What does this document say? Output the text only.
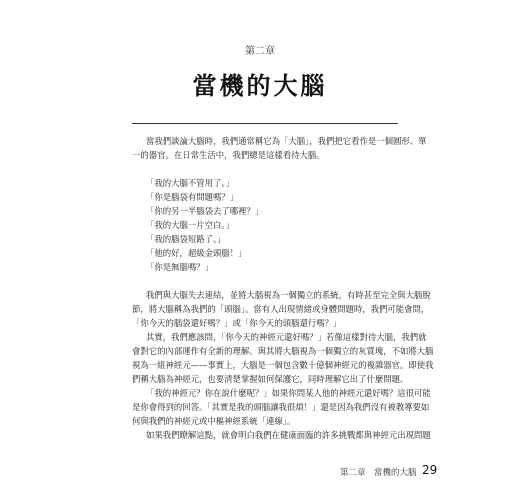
第二章
當機的大腦
當我們談論大腦時，我們通常稱它為「大腦」，我們把它看作是一個圓形、單
一的器官。在日常生活中，我們總是這樣看待大腦。
「我的大腦不管用了。」
「你是腦袋有問題嗎？」
「你的另一半腦袋去了哪裡？」
「我的大腦一片空白。」
「我的腦袋短路了。」
「他的好，超級金頭腦！」
「你是無腦嗎？」
我們與大腦失去連結，並將大腦視為一個獨立的系統，有時甚至完全與大腦脫
節，將大腦稱為我們的「頭腦」。當有人出現情緒或身體問題時，我們可能會問，
「你今天的腦袋還好嗎？」或「你今天的頭腦還行嗎？」
其實，我們應該問，「你今天的神經元還好嗎？」若像這樣對待大腦，我們就
會對它的內部運作有全新的理解。與其將大腦視為一個獨立的灰質塊，不如將大腦
視為一組神經元——事實上，大腦是一個包含數十億個神經元的複雜器官。即使我
們稱大腦為神經元，也要清楚掌握如何保護它，同時理解它出了什麼問題。
「我的神經元？你在說什麼呢？」如果你問某人他的神經元還好嗎？這很可能
是你會得到的回答。「其實是我的頭腦讓我很煩！」還是因為我們沒有被教導要如
何與我們的神經元或中樞神經系統「連線」。
如果我們瞭解這點，就會明白我們在健康面臨的許多挑戰都與神經元出現問題
第二章　當機的大腦 29
